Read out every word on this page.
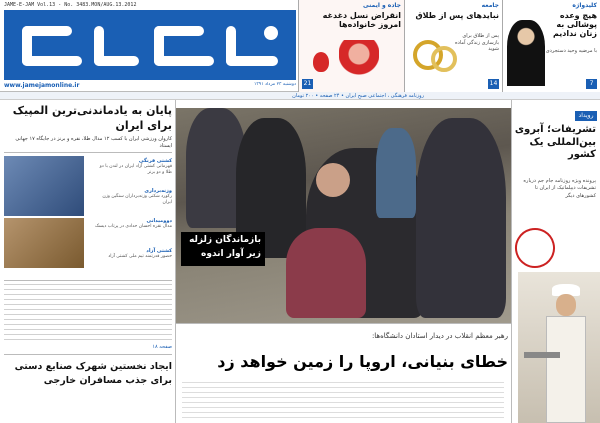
JAME-E-JAM Vol.13 - No. 3483.MON/AUG.13.2012
www.jamejamonline.ir	دوشنبه ۲۳ مرداد ۱۳۹۱
کلیدواژه
هیچ وعده پوشالی به زنان ندادیم
با مرضیه وحید دستجردی
7
جامعه
نبایدهای پس از طلاق
پس از طلاق برای بازسازی زندگی آماده شوید
14
جاده و ایمنی
انقراض نسل دغدغه امروز خانواده‌ها
21
روزنامه فرهنگی ، اجتماعی صبح ایران • ۲۴ صفحه • ۲۰۰ تومان
پایان به یادماندنی‌ترین المپیک برای ایران
کاروان ورزشی ایران با کسب ۱۲ مدال طلا، نقره و برنز در جایگاه ۱۷ جهانی ایستاد
کشتی فرنگی
قهرمانی کشتی آزاد ایران در لندن با دو طلا و دو برنز
وزنه‌برداری
رکورد شکنی وزنه‌برداران سنگین وزن ایران
دوومیدانی
مدال نقره احسان حدادی در پرتاب دیسک
کشتی آزاد
حضور قدرتمند تیم ملی کشتی آزاد
صفحه ۱۸
ایجاد نخستین شهرک صنایع دستی برای جذب مسافران خارجی
بازماندگان زلزله
زیر آوار اندوه
رهبر معظم انقلاب در دیدار استادان دانشگاه‌ها:
خطای بنیانی، اروپا را زمین خواهد زد
رویداد
تشریفات؛ آبروی بین‌المللی یک کشور
پرونده ویژه روزنامه جام جم درباره تشریفات دیپلماتیک از ایران تا کشورهای دیگر
